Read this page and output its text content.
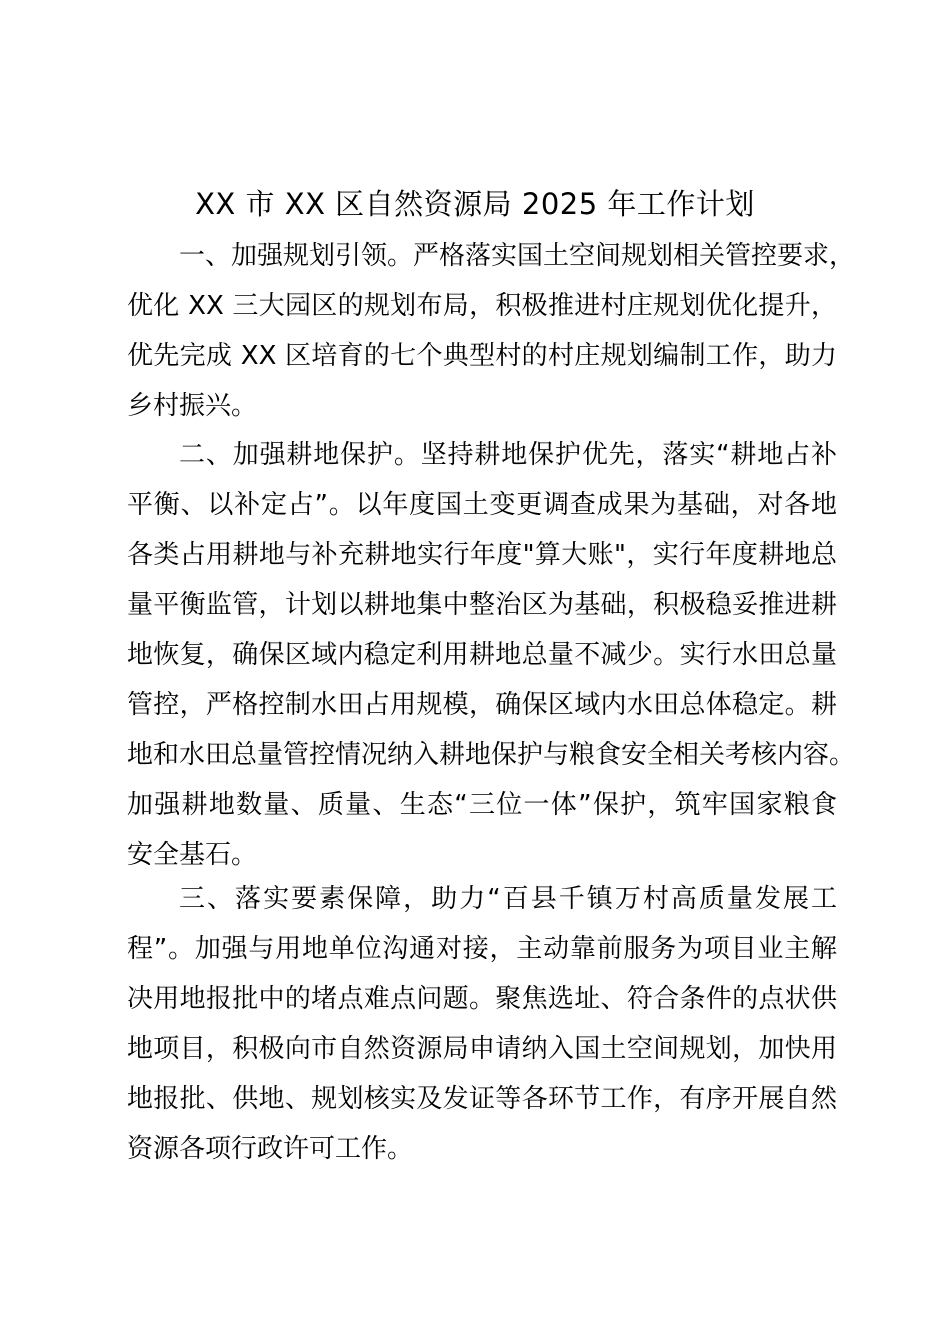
XX 市 XX 区自然资源局 2025 年工作计划
一、加强规划引领。严格落实国土空间规划相关管控要求，
优化 XX 三大园区的规划布局，积极推进村庄规划优化提升，
优先完成 XX 区培育的七个典型村的村庄规划编制工作，助力
乡村振兴。
二、加强耕地保护。坚持耕地保护优先，落实“耕地占补
平衡、以补定占”。以年度国土变更调查成果为基础，对各地
各类占用耕地与补充耕地实行年度"算大账"，实行年度耕地总
量平衡监管，计划以耕地集中整治区为基础，积极稳妥推进耕
地恢复，确保区域内稳定利用耕地总量不减少。实行水田总量
管控，严格控制水田占用规模，确保区域内水田总体稳定。耕
地和水田总量管控情况纳入耕地保护与粮食安全相关考核内容。
加强耕地数量、质量、生态“三位一体”保护，筑牢国家粮食
安全基石。
三、落实要素保障，助力“百县千镇万村高质量发展工
程”。加强与用地单位沟通对接，主动靠前服务为项目业主解
决用地报批中的堵点难点问题。聚焦选址、符合条件的点状供
地项目，积极向市自然资源局申请纳入国土空间规划，加快用
地报批、供地、规划核实及发证等各环节工作，有序开展自然
资源各项行政许可工作。
